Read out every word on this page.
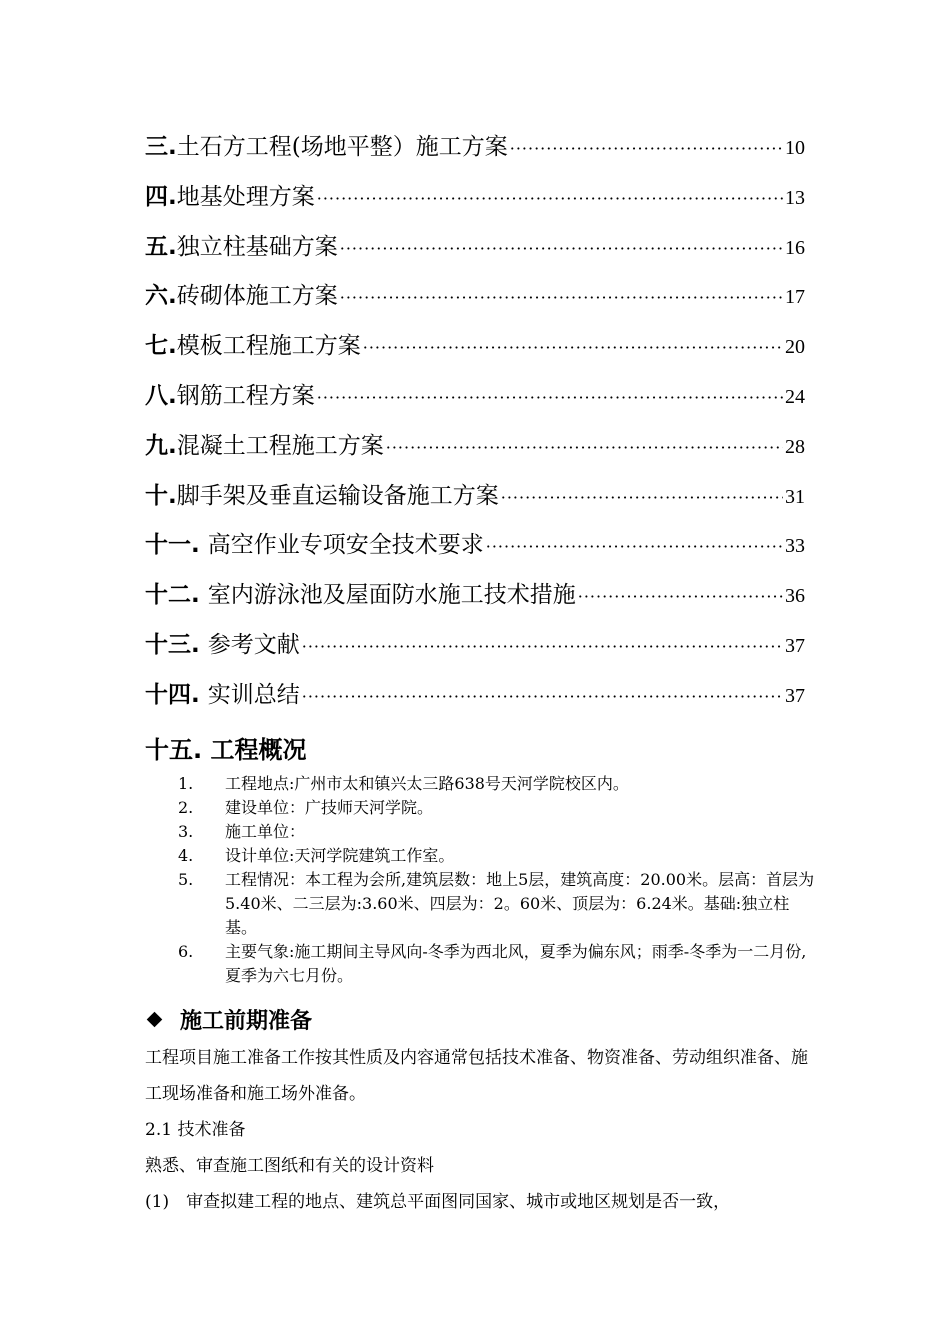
三. 土石方工程(场地平整）施工方案 ·····	10
四. 地基处理方案 ·····	13
五. 独立柱基础方案 ·····	16
六. 砖砌体施工方案 ·····	17
七. 模板工程施工方案 ·····	20
八. 钢筋工程方案 ·····	24
九. 混凝土工程施工方案 ·····	28
十. 脚手架及垂直运输设备施工方案 ·····	31
十一. 高空作业专项安全技术要求 ·····	33
十二. 室内游泳池及屋面防水施工技术措施 ·····	36
十三. 参考文献 ·····	37
十四. 实训总结 ·····	37
十五. 工程概况
1.	工程地点:广州市太和镇兴太三路638号天河学院校区内。
2.	建设单位：广技师天河学院。
3.	施工单位：
4.	设计单位:天河学院建筑工作室。
5.	工程情况：本工程为会所,建筑层数：地上5层，建筑高度：20.00米。层高：首层为5.40米、二三层为:3.60米、四层为：2。60米、顶层为：6.24米。基础:独立柱基。
6.	主要气象:施工期间主导风向-冬季为西北风，夏季为偏东风；雨季-冬季为一二月份,夏季为六七月份。
施工前期准备
工程项目施工准备工作按其性质及内容通常包括技术准备、物资准备、劳动组织准备、施工现场准备和施工场外准备。
2.1 技术准备
熟悉、审查施工图纸和有关的设计资料
(1)　审查拟建工程的地点、建筑总平面图同国家、城市或地区规划是否一致，
